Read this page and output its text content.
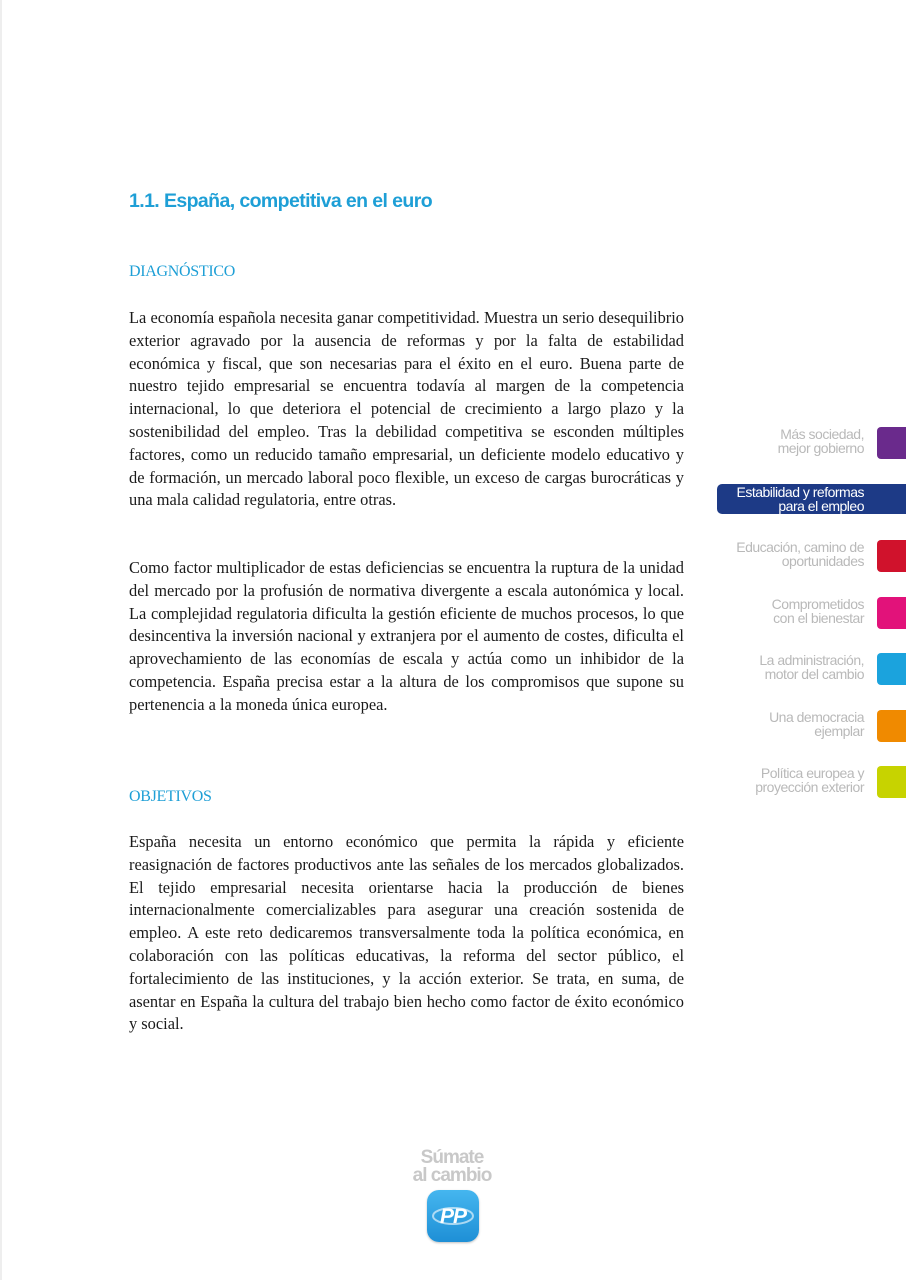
1.1. España, competitiva en el euro
DIAGNÓSTICO

La economía española necesita ganar competitividad. Muestra un serio desequilibrio exterior agravado por la ausencia de reformas y por la falta de estabilidad económica y fiscal, que son necesarias para el éxito en el euro. Buena parte de nuestro tejido empresarial se encuentra todavía al margen de la competencia internacional, lo que deteriora el potencial de crecimiento a largo plazo y la sostenibilidad del empleo. Tras la debilidad competitiva se esconden múltiples factores, como un reducido tamaño empresarial, un deficiente modelo educativo y de formación, un mercado laboral poco flexible, un exceso de cargas burocráticas y una mala calidad regulatoria, entre otras.

Como factor multiplicador de estas deficiencias se encuentra la ruptura de la unidad del mercado por la profusión de normativa divergente a escala autonómica y local. La complejidad regulatoria dificulta la gestión eficiente de muchos procesos, lo que desincentiva la inversión nacional y extranjera por el aumento de costes, dificulta el aprovechamiento de las economías de escala y actúa como un inhibidor de la competencia. España precisa estar a la altura de los compromisos que supone su pertenencia a la moneda única europea.

OBJETIVOS

España necesita un entorno económico que permita la rápida y eficiente reasignación de factores productivos ante las señales de los mercados globalizados. El tejido empresarial necesita orientarse hacia la producción de bienes internacionalmente comercializables para asegurar una creación sostenida de empleo. A este reto dedicaremos transversalmente toda la política económica, en colaboración con las políticas educativas, la reforma del sector público, el fortalecimiento de las instituciones, y la acción exterior. Se trata, en suma, de asentar en España la cultura del trabajo bien hecho como factor de éxito económico y social.

Más sociedad,
mejor gobierno
Estabilidad y reformas
para el empleo
Educación, camino de
oportunidades
Comprometidos
con el bienestar
La administración,
motor del cambio
Una democracia
ejemplar
Política europea y
proyección exterior
Súmate
al cambio
PP
